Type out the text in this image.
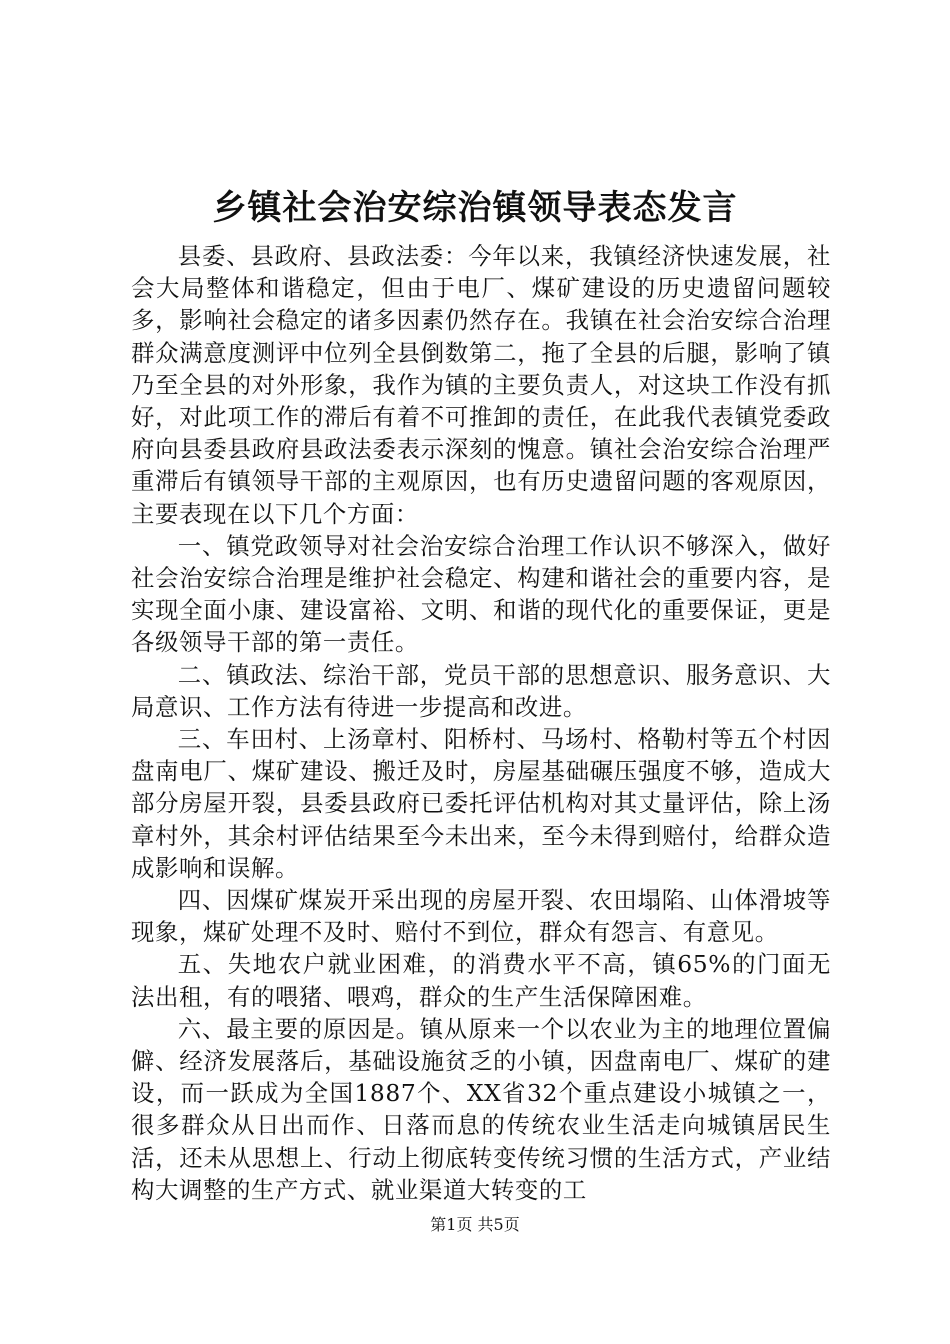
乡镇社会治安综治镇领导表态发言

县委、县政府、县政法委：今年以来，我镇经济快速发展，社会大局整体和谐稳定，但由于电厂、煤矿建设的历史遗留问题较多，影响社会稳定的诸多因素仍然存在。我镇在社会治安综合治理群众满意度测评中位列全县倒数第二，拖了全县的后腿，影响了镇乃至全县的对外形象，我作为镇的主要负责人，对这块工作没有抓好，对此项工作的滞后有着不可推卸的责任，在此我代表镇党委政府向县委县政府县政法委表示深刻的愧意。镇社会治安综合治理严重滞后有镇领导干部的主观原因，也有历史遗留问题的客观原因，主要表现在以下几个方面：

一、镇党政领导对社会治安综合治理工作认识不够深入，做好社会治安综合治理是维护社会稳定、构建和谐社会的重要内容，是实现全面小康、建设富裕、文明、和谐的现代化的重要保证，更是各级领导干部的第一责任。

二、镇政法、综治干部，党员干部的思想意识、服务意识、大局意识、工作方法有待进一步提高和改进。

三、车田村、上汤章村、阳桥村、马场村、格勒村等五个村因盘南电厂、煤矿建设、搬迁及时，房屋基础碾压强度不够，造成大部分房屋开裂，县委县政府已委托评估机构对其丈量评估，除上汤章村外，其余村评估结果至今未出来，至今未得到赔付，给群众造成影响和误解。

四、因煤矿煤炭开采出现的房屋开裂、农田塌陷、山体滑坡等现象，煤矿处理不及时、赔付不到位，群众有怨言、有意见。

五、失地农户就业困难，的消费水平不高，镇65%的门面无法出租，有的喂猪、喂鸡，群众的生产生活保障困难。

六、最主要的原因是。镇从原来一个以农业为主的地理位置偏僻、经济发展落后，基础设施贫乏的小镇，因盘南电厂、煤矿的建设，而一跃成为全国1887个、XX省32个重点建设小城镇之一，很多群众从日出而作、日落而息的传统农业生活走向城镇居民生活，还未从思想上、行动上彻底转变传统习惯的生活方式，产业结构大调整的生产方式、就业渠道大转变的工

第1页 共5页
